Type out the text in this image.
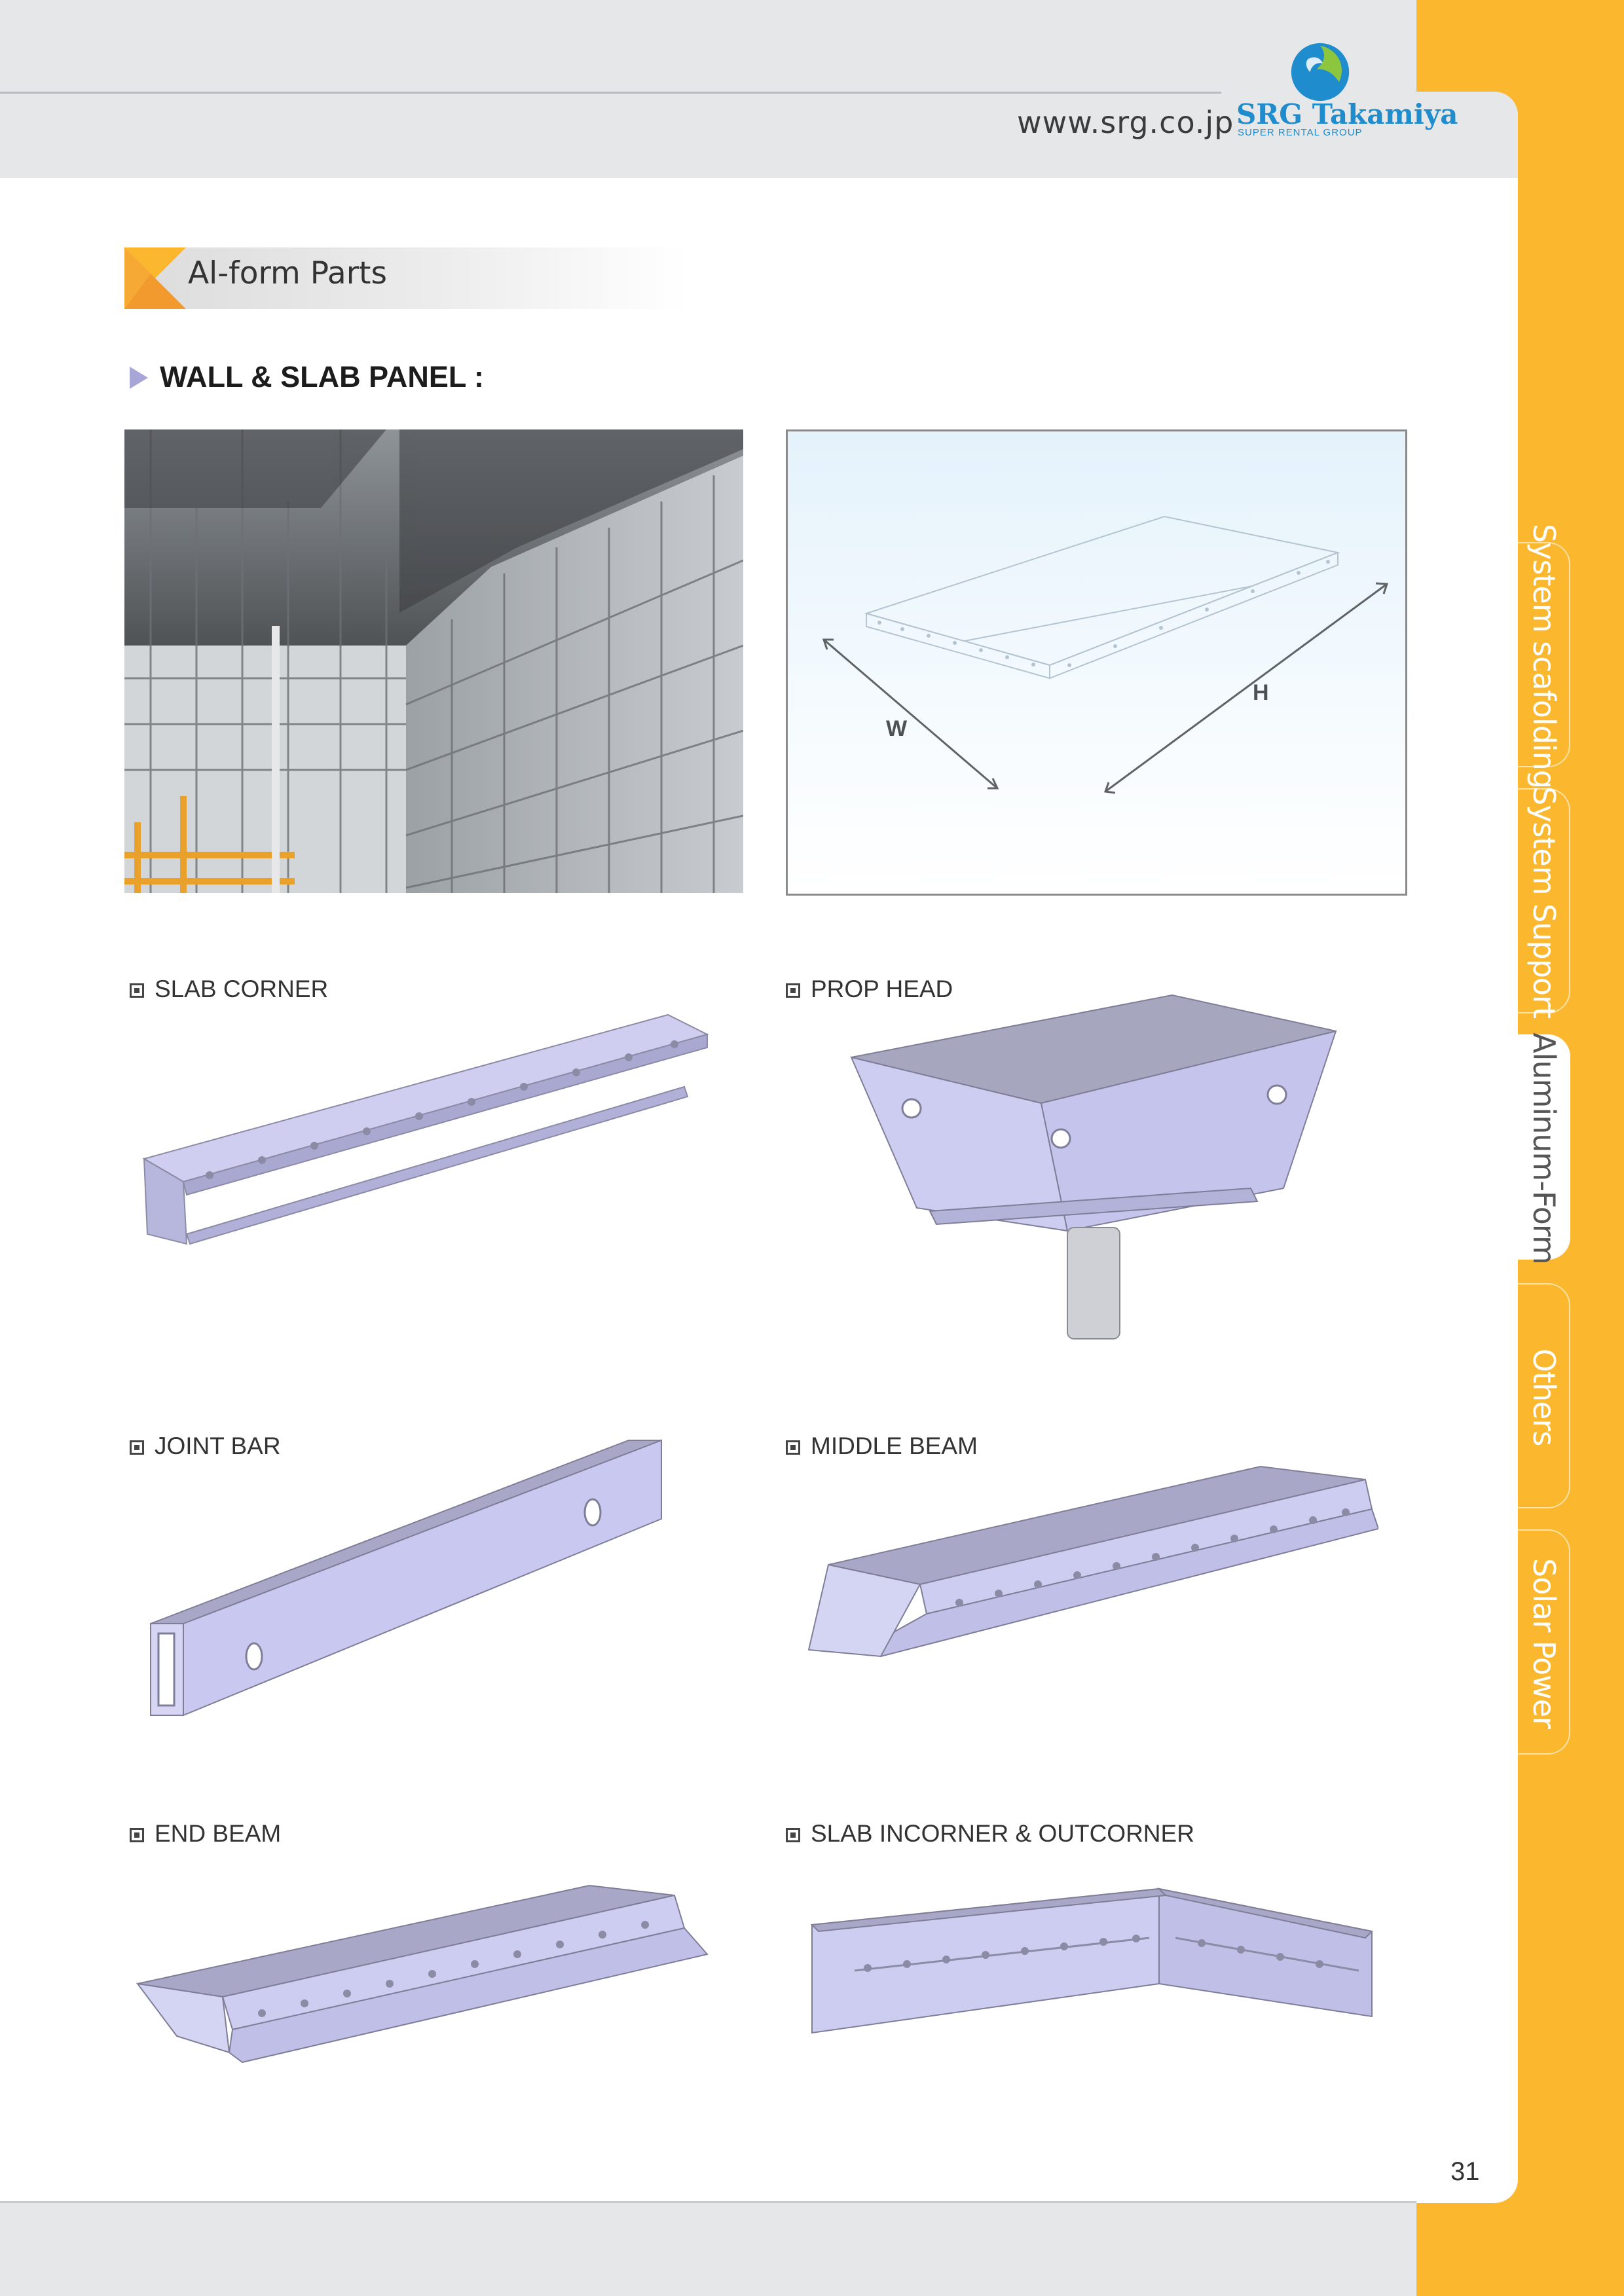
www.srg.co.jp SRG Takamiya
SUPER RENTAL GROUP
Al-form Parts
WALL & SLAB PANEL :
W
H
SLAB CORNER	PROP HEAD
JOINT BAR	MIDDLE BEAM
END BEAM	SLAB INCORNER & OUTCORNER
System scafolding
System Support
Aluminum-Form
Others
Solar Power
31
